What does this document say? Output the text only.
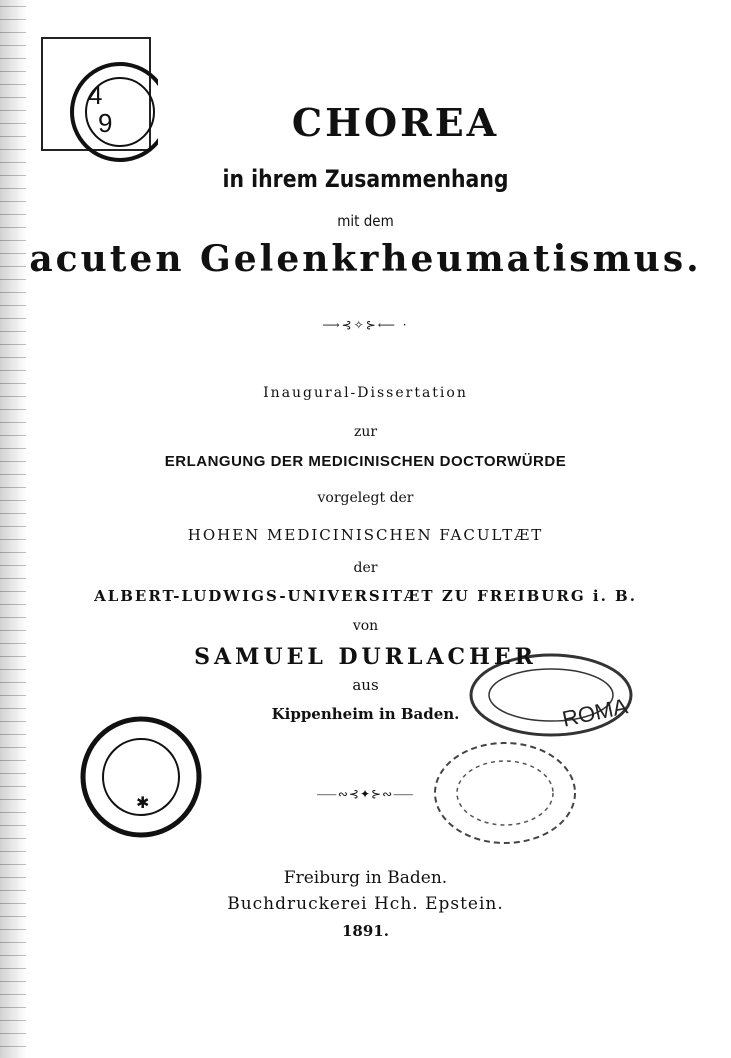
4
9
✱
ROMA
CHOREA
in ihrem Zusammenhang
mit dem
acuten Gelenkrheumatismus.
⟶⊰✧⊱⟵ ·
Inaugural-Dissertation
zur
ERLANGUNG DER MEDICINISCHEN DOCTORWÜRDE
vorgelegt der
HOHEN MEDICINISCHEN FACULTÆT
der
ALBERT-LUDWIGS-UNIVERSITÆT ZU FREIBURG i. B.
von
SAMUEL DURLACHER
aus
Kippenheim in Baden.
⸺∾⊰✦⊱∾⸺
Freiburg in Baden.
Buchdruckerei Hch. Epstein.
1891.
